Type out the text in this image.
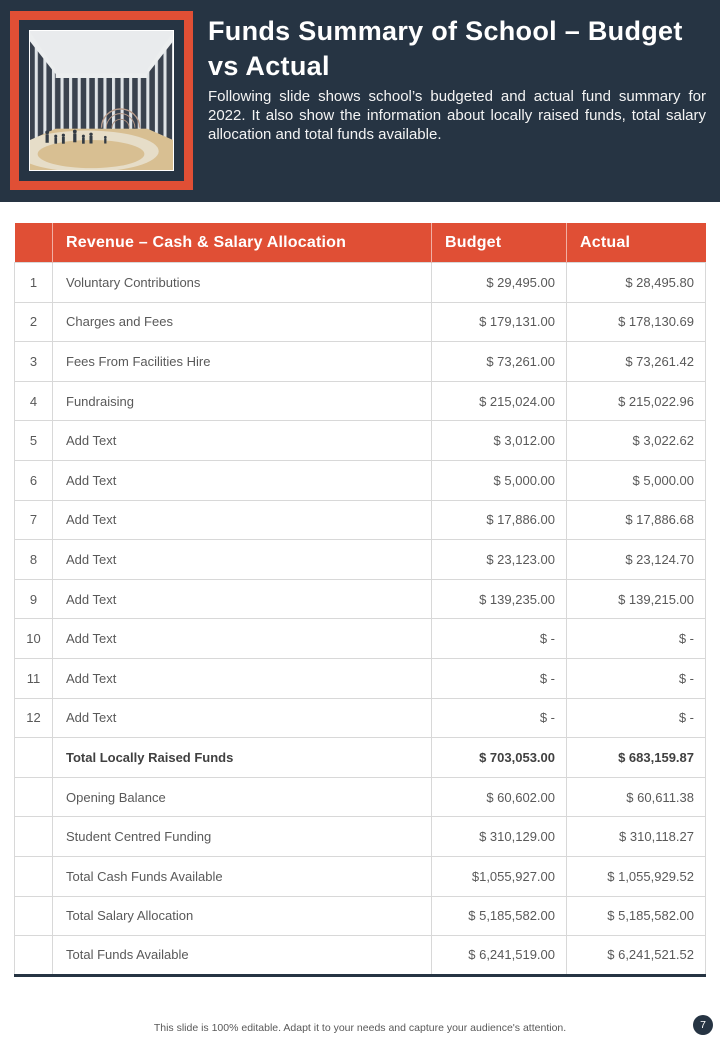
Funds Summary of School – Budget vs Actual

Following slide shows school’s budgeted and actual fund summary for 2022. It also show the information about locally raised funds, total salary allocation and total funds available.

	Revenue – Cash & Salary Allocation	Budget	Actual
1	Voluntary Contributions	$ 29,495.00	$ 28,495.80
2	Charges and Fees	$ 179,131.00	$ 178,130.69
3	Fees From Facilities Hire	$ 73,261.00	$ 73,261.42
4	Fundraising	$ 215,024.00	$ 215,022.96
5	Add Text	$ 3,012.00	$ 3,022.62
6	Add Text	$ 5,000.00	$ 5,000.00
7	Add Text	$ 17,886.00	$ 17,886.68
8	Add Text	$ 23,123.00	$ 23,124.70
9	Add Text	$ 139,235.00	$ 139,215.00
10	Add Text	$ -	$ -
11	Add Text	$ -	$ -
12	Add Text	$ -	$ -
	Total Locally Raised Funds	$ 703,053.00	$ 683,159.87
	Opening Balance	$ 60,602.00	$ 60,611.38
	Student Centred Funding	$ 310,129.00	$ 310,118.27
	Total Cash Funds Available	$1,055,927.00	$ 1,055,929.52
	Total Salary Allocation	$ 5,185,582.00	$ 5,185,582.00
	Total Funds Available	$ 6,241,519.00	$ 6,241,521.52
This slide is 100% editable. Adapt it to your needs and capture your audience's attention.	7
